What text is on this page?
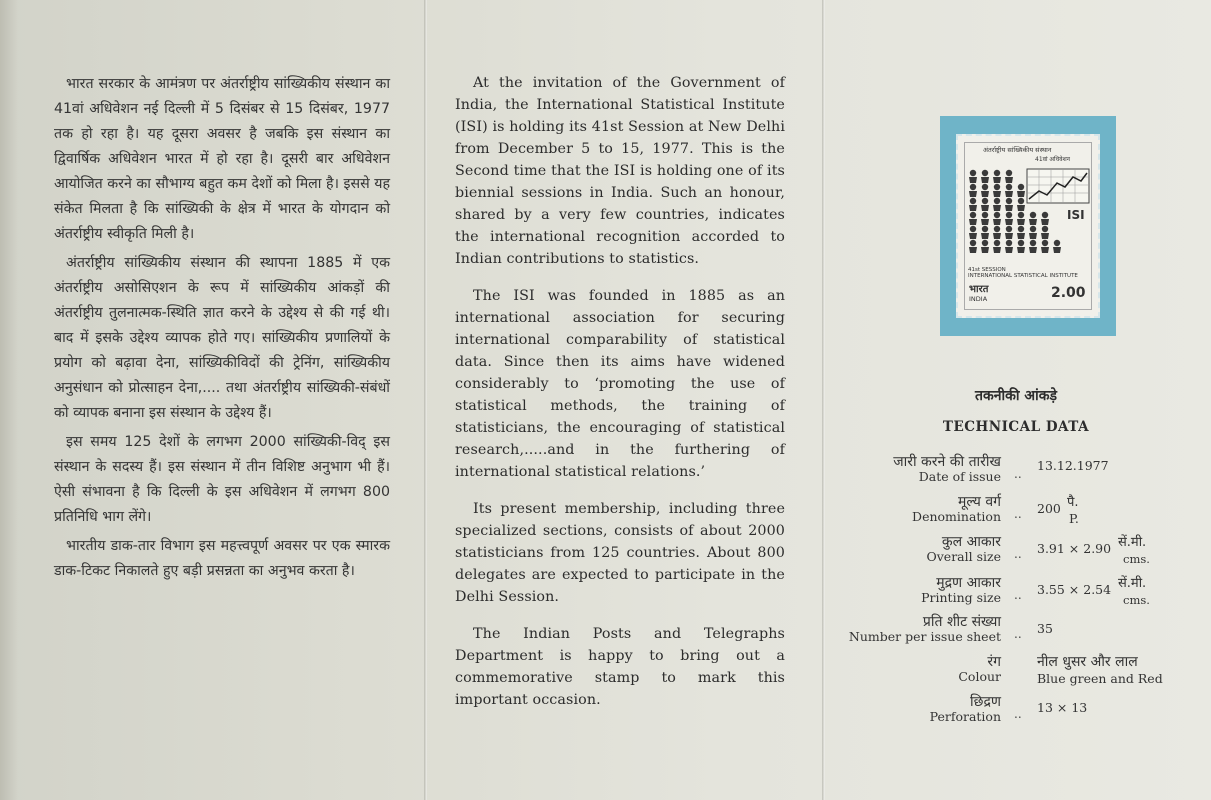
भारत सरकार के आमंत्रण पर अंतर्राष्ट्रीय सांख्यिकीय संस्थान का 41वां अधिवेशन नई दिल्ली में 5 दिसंबर से 15 दिसंबर, 1977 तक हो रहा है। यह दूसरा अवसर है जबकि इस संस्थान का द्विवार्षिक अधिवेशन भारत में हो रहा है। दूसरी बार अधिवेशन आयोजित करने का सौभाग्य बहुत कम देशों को मिला है। इससे यह संकेत मिलता है कि सांख्यिकी के क्षेत्र में भारत के योगदान को अंतर्राष्ट्रीय स्वीकृति मिली है।

अंतर्राष्ट्रीय सांख्यिकीय संस्थान की स्थापना 1885 में एक अंतर्राष्ट्रीय असोसिएशन के रूप में सांख्यिकीय आंकड़ों की अंतर्राष्ट्रीय तुलनात्मक-स्थिति ज्ञात करने के उद्देश्य से की गई थी। बाद में इसके उद्देश्य व्यापक होते गए। सांख्यिकीय प्रणालियों के प्रयोग को बढ़ावा देना, सांख्यिकीविदों की ट्रेनिंग, सांख्यिकीय अनुसंधान को प्रोत्साहन देना,.... तथा अंतर्राष्ट्रीय सांख्यिकी-संबंधों को व्यापक बनाना इस संस्थान के उद्देश्य हैं।

इस समय 125 देशों के लगभग 2000 सांख्यिकी-विद् इस संस्थान के सदस्य हैं। इस संस्थान में तीन विशिष्ट अनुभाग भी हैं। ऐसी संभावना है कि दिल्ली के इस अधिवेशन में लगभग 800 प्रतिनिधि भाग लेंगे।

भारतीय डाक-तार विभाग इस महत्त्वपूर्ण अवसर पर एक स्मारक डाक-टिकट निकालते हुए बड़ी प्रसन्नता का अनुभव करता है।

At the invitation of the Government of India, the International Statistical Institute (ISI) is holding its 41st Session at New Delhi from December 5 to 15, 1977. This is the Second time that the ISI is holding one of its biennial sessions in India. Such an honour, shared by a very few countries, indicates the international recognition accorded to Indian contributions to statistics.

The ISI was founded in 1885 as an international association for securing international comparability of statistical data. Since then its aims have widened considerably to ‘promoting the use of statistical methods, the training of statisticians, the encouraging of statistical research,.....and in the furthering of international statistical relations.’

Its present membership, including three specialized sections, consists of about 2000 statisticians from 125 countries. About 800 delegates are expected to participate in the Delhi Session.

The Indian Posts and Telegraphs Department is happy to bring out a commemorative stamp to mark this important occasion.

अंतर्राष्ट्रीय सांख्यिकीय संस्थान
41वां अधिवेशन
ISI
41st SESSION
INTERNATIONAL STATISTICAL INSTITUTE
भारत
INDIA	2.00
तकनीकी आंकड़े
TECHNICAL DATA
जारी करने की तारीख
Date of issue ..
13.12.1977
मूल्य वर्ग
Denomination .. 200 पै.
P.
कुल आकार
Overall size .. 3.91 × 2.90 सें.मी.
cms.
मुद्रण आकार
Printing size .. 3.55 × 2.54 सें.मी.
cms.
प्रति शीट संख्या
Number per issue sheet .. 35
रंग
Colour
नील धुसर और लाल
Blue green and Red
छिद्रण
Perforation .. 13 × 13
